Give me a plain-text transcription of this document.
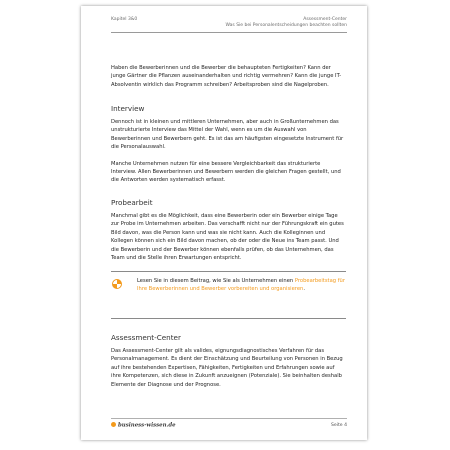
Kapitel 3&0	Assessment-Center
Was Sie bei Personalentscheidungen beachten sollten

Haben die Bewerberinnen und die Bewerber die behaupteten Fertigkeiten? Kann der junge Gärtner die Pflanzen auseinanderhalten und richtig vermehren? Kann die junge IT-Absolventin wirklich das Programm schreiben? Arbeitsproben sind die Nagelproben.

Interview

Dennoch ist in kleinen und mittleren Unternehmen, aber auch in Großunternehmen das unstrukturierte Interview das Mittel der Wahl, wenn es um die Auswahl von Bewerberinnen und Bewerbern geht. Es ist das am häufigsten eingesetzte Instrument für die Personalauswahl.

Manche Unternehmen nutzen für eine bessere Vergleichbarkeit das strukturierte Interview. Allen Bewerberinnen und Bewerbern werden die gleichen Fragen gestellt, und die Antworten werden systematisch erfasst.

Probearbeit

Manchmal gibt es die Möglichkeit, dass eine Bewerberin oder ein Bewerber einige Tage zur Probe im Unternehmen arbeiten. Das verschafft nicht nur der Führungskraft ein gutes Bild davon, was die Person kann und was sie nicht kann. Auch die Kolleginnen und Kollegen können sich ein Bild davon machen, ob der oder die Neue ins Team passt. Und die Bewerberin und der Bewerber können ebenfalls prüfen, ob das Unternehmen, das Team und die Stelle ihren Erwartungen entspricht.

Lesen Sie in diesem Beitrag, wie Sie als Unternehmen einen Probearbeitstag für Ihre Bewerberinnen und Bewerber vorbereiten und organisieren.
Assessment-Center

Das Assessment-Center gilt als valides, eignungsdiagnostisches Verfahren für das Personalmanagement. Es dient der Einschätzung und Beurteilung von Personen in Bezug auf ihre bestehenden Expertisen, Fähigkeiten, Fertigkeiten und Erfahrungen sowie auf ihre Kompetenzen, sich diese in Zukunft anzueignen (Potenziale). Sie beinhalten deshalb Elemente der Diagnose und der Prognose.

business-wissen.de	Seite 4
